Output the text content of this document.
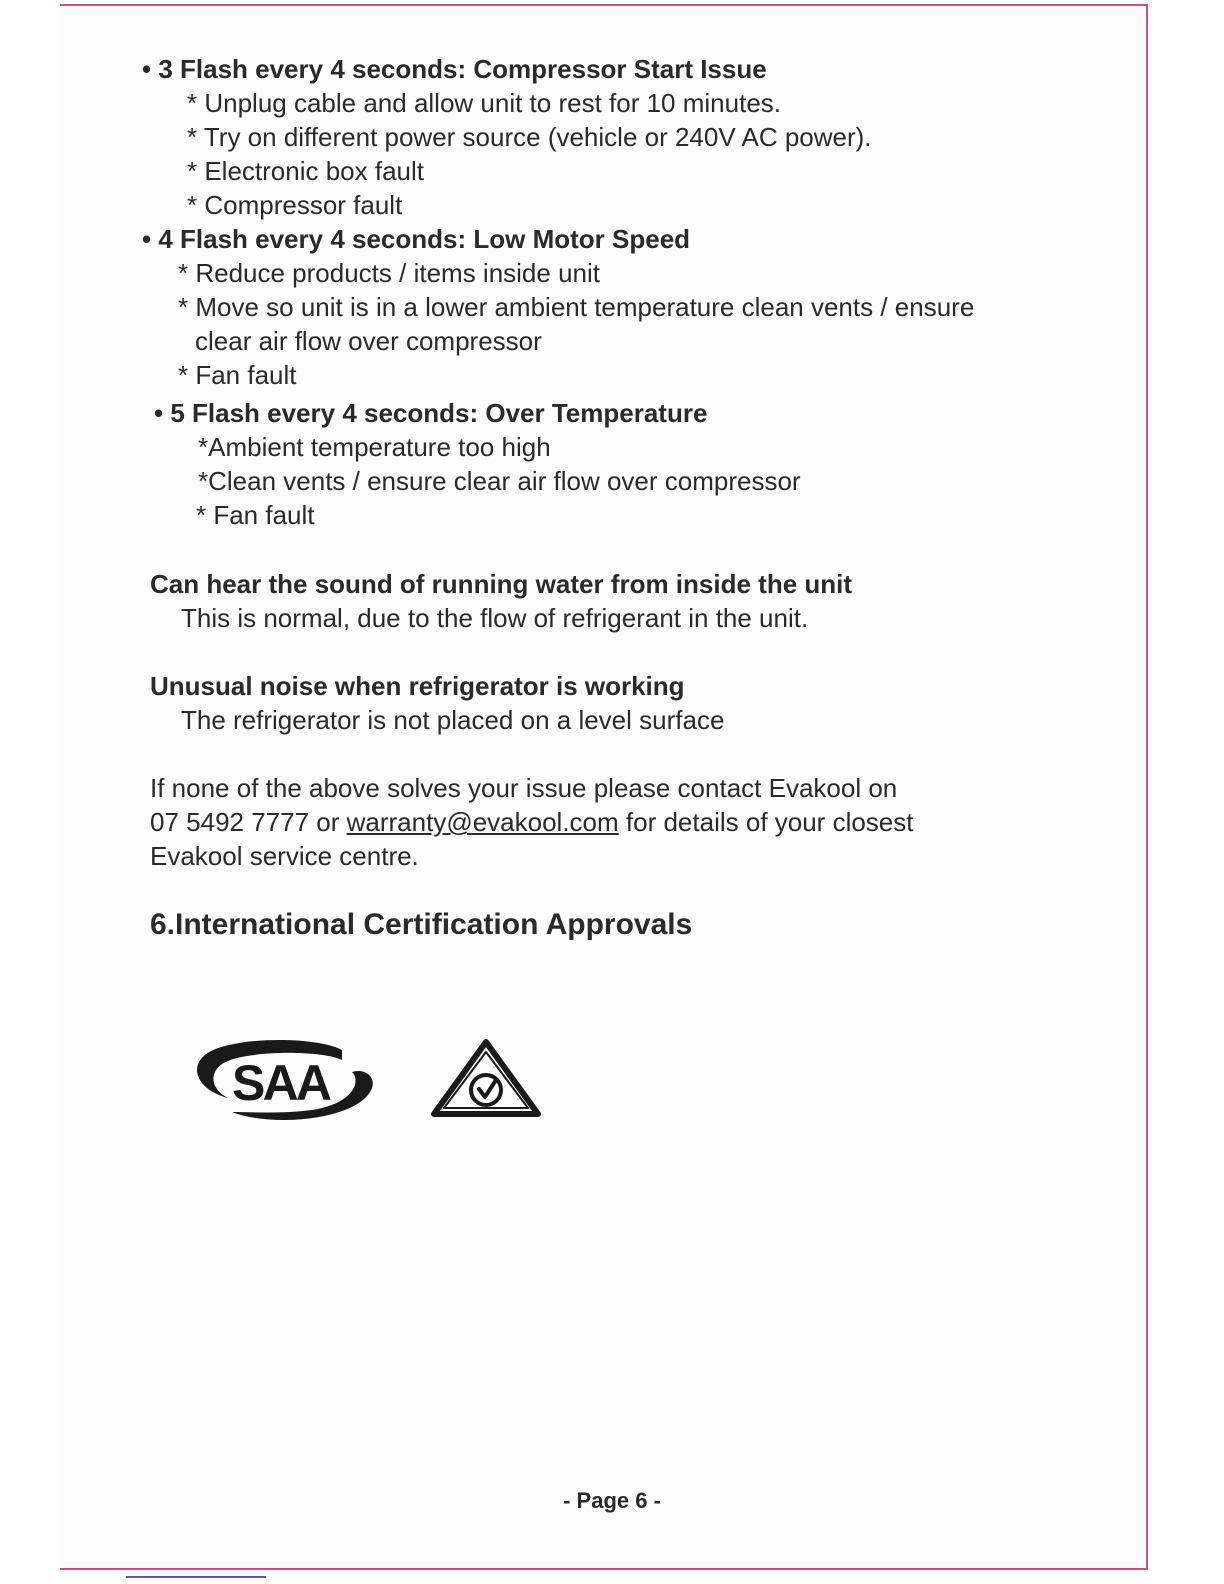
• 3 Flash every 4 seconds: Compressor Start Issue
* Unplug cable and allow unit to rest for 10 minutes.
* Try on different power source (vehicle or 240V AC power).
* Electronic box fault
* Compressor fault
• 4 Flash every 4 seconds: Low Motor Speed
* Reduce products / items inside unit
* Move so unit is in a lower ambient temperature clean vents / ensure
clear air flow over compressor
* Fan fault
• 5 Flash every 4 seconds: Over Temperature
*Ambient temperature too high
*Clean vents / ensure clear air flow over compressor
* Fan fault
Can hear the sound of running water from inside the unit
This is normal, due to the flow of refrigerant in the unit.
Unusual noise when refrigerator is working
The refrigerator is not placed on a level surface
If none of the above solves your issue please contact Evakool on
07 5492 7777 or warranty@evakool.com for details of your closest
Evakool service centre.
6.International Certification Approvals
SAA
- Page 6 -
